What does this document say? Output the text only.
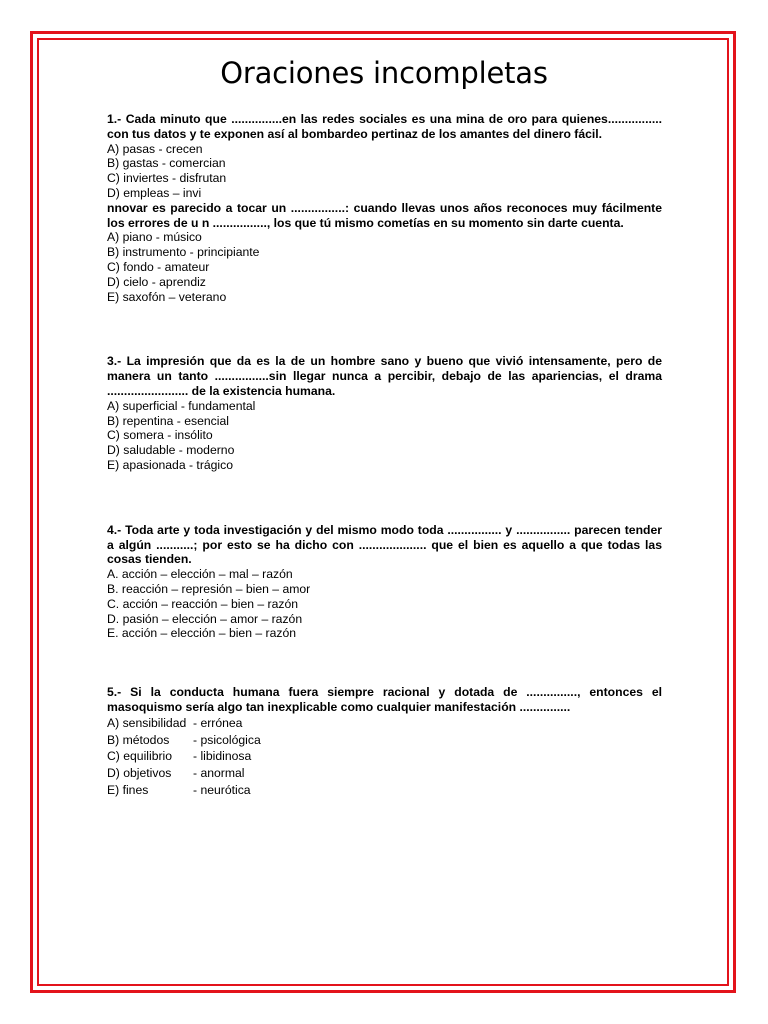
Oraciones incompletas

1.- Cada minuto que ...............en las redes sociales es una mina de oro para quienes................ con tus datos y te exponen así al bombardeo pertinaz de los amantes del dinero fácil.

A) pasas - crecen
B) gastas - comercian
C) inviertes - disfrutan
D) empleas – invi

nnovar es parecido a tocar un ................: cuando llevas unos años reconoces muy fácilmente los errores de u n ................, los que tú mismo cometías en su momento sin darte cuenta.

A) piano - músico
B) instrumento - principiante
C) fondo - amateur
D) cielo - aprendiz
E) saxofón – veterano

3.- La impresión que da es la de un hombre sano y bueno que vivió intensamente, pero de manera un tanto ................sin llegar nunca a percibir, debajo de las apariencias, el drama ........................ de la existencia humana.

A) superficial - fundamental
B) repentina - esencial
C) somera - insólito
D) saludable - moderno
E) apasionada - trágico

4.- Toda arte y toda investigación y del mismo modo toda ................ y ................ parecen tender a algún ...........; por esto se ha dicho con .................... que el bien es aquello a que todas las cosas tienden.

A. acción – elección – mal – razón
B. reacción – represión – bien – amor
C. acción – reacción – bien – razón
D. pasión – elección – amor – razón
E. acción – elección – bien – razón

5.- Si la conducta humana fuera siempre racional y dotada de ..............., entonces el masoquismo sería algo tan inexplicable como cualquier manifestación ...............

A) sensibilidad - errónea
B) métodos - psicológica
C) equilibrio - libidinosa
D) objetivos - anormal
E) fines	- neurótica
